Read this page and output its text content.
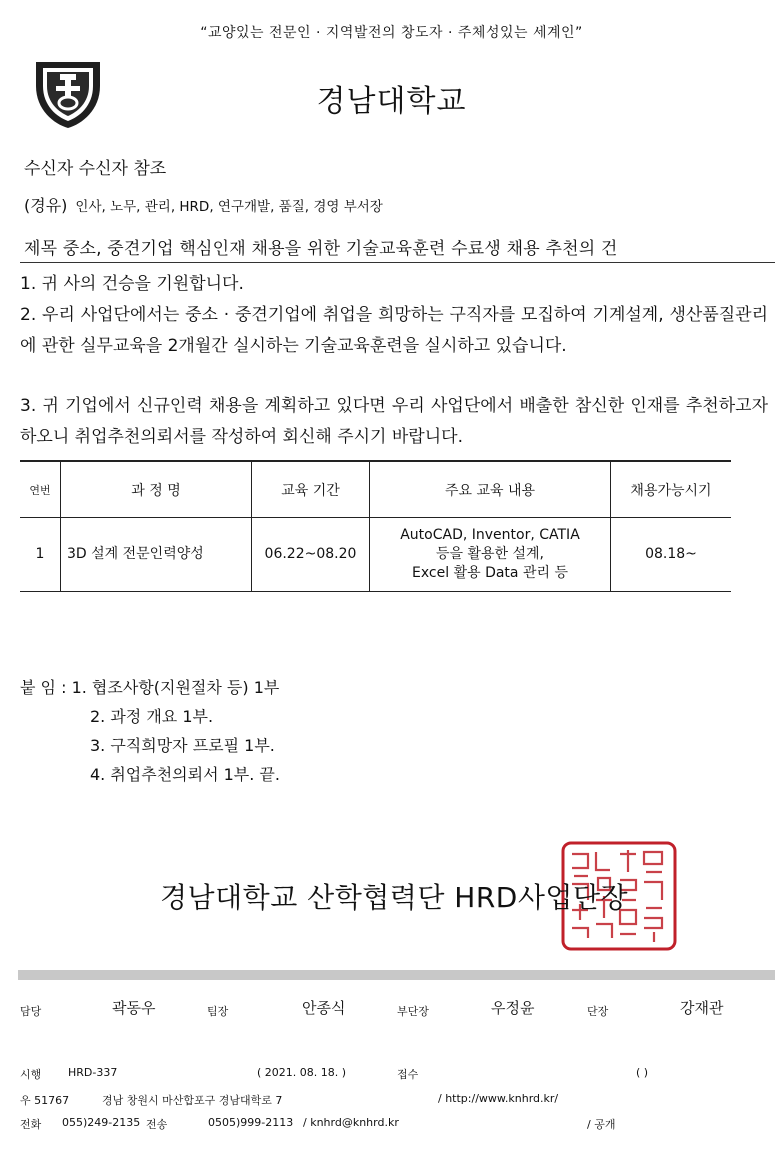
“교양있는 전문인 · 지역발전의 창도자 · 주체성있는 세계인”
경남대학교
수신자 수신자 참조
(경유) 인사, 노무, 관리, HRD, 연구개발, 품질, 경영 부서장
제목 중소, 중견기업 핵심인재 채용을 위한 기술교육훈련 수료생 채용 추천의 건
1. 귀 사의 건승을 기원합니다.
2. 우리 사업단에서는 중소 · 중견기업에 취업을 희망하는 구직자를 모집하여 기계설계, 생산품질관리에 관한 실무교육을 2개월간 실시하는 기술교육훈련을 실시하고 있습니다.
3. 귀 기업에서 신규인력 채용을 계획하고 있다면 우리 사업단에서 배출한 참신한 인재를 추천하고자 하오니 취업추천의뢰서를 작성하여 회신해 주시기 바랍니다.
연번	과 정 명	교육 기간	주요 교육 내용	채용가능시기
1	3D 설계 전문인력양성	06.22~08.20	AutoCAD, Inventor, CATIA
등을 활용한 설계,
Excel 활용 Data 관리 등	08.18~
붙 임 : 1. 협조사항(지원절차 등) 1부
2. 과정 개요 1부.
3. 구직희망자 프로필 1부.
4. 취업추천의뢰서 1부. 끝.
경남대학교 산학협력단 HRD사업단장
담당	곽동우	팀장	안종식	부단장	우정윤	단장	강재관
시행 HRD-337	( 2021. 08. 18. )	접수	( )
우 51767	경남 창원시 마산합포구 경남대학로 7	/ http://www.knhrd.kr/
전화 055)249-2135 전송	0505)999-2113 / knhrd@knhrd.kr	/ 공개
